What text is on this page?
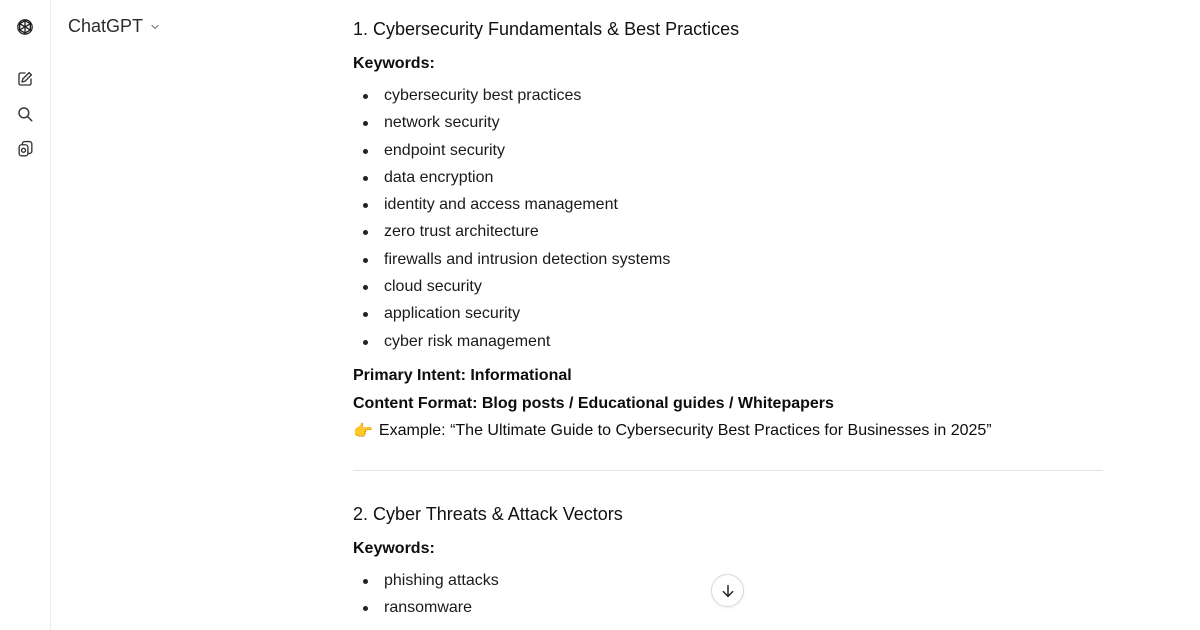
ChatGPT	1. Cybersecurity Fundamentals & Best Practices
Keywords:
cybersecurity best practices
network security
endpoint security
data encryption
identity and access management
zero trust architecture
firewalls and intrusion detection systems
cloud security
application security
cyber risk management
Primary Intent: Informational
Content Format: Blog posts / Educational guides / Whitepapers
👉 Example: “The Ultimate Guide to Cybersecurity Best Practices for Businesses in 2025”
2. Cyber Threats & Attack Vectors
Keywords:
phishing attacks
ransomware
